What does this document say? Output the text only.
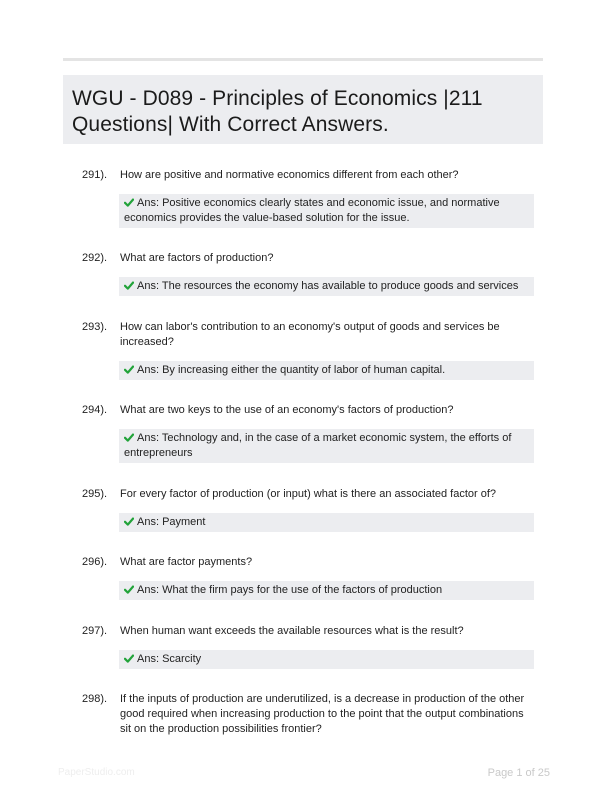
WGU - D089 - Principles of Economics |211 Questions| With Correct Answers.
291). How are positive and normative economics different from each other?
Ans: Positive economics clearly states and economic issue, and normative economics provides the value-based solution for the issue.
292). What are factors of production?
Ans: The resources the economy has available to produce goods and services
293). How can labor's contribution to an economy's output of goods and services be increased?
Ans: By increasing either the quantity of labor of human capital.
294). What are two keys to the use of an economy's factors of production?
Ans: Technology and, in the case of a market economic system, the efforts of entrepreneurs
295). For every factor of production (or input) what is there an associated factor of?
Ans: Payment
296). What are factor payments?
Ans: What the firm pays for the use of the factors of production
297). When human want exceeds the available resources what is the result?
Ans: Scarcity
298). If the inputs of production are underutilized, is a decrease in production of the other good required when increasing production to the point that the output combinations sit on the production possibilities frontier?
PaperStudio.com	Page 1 of 25
